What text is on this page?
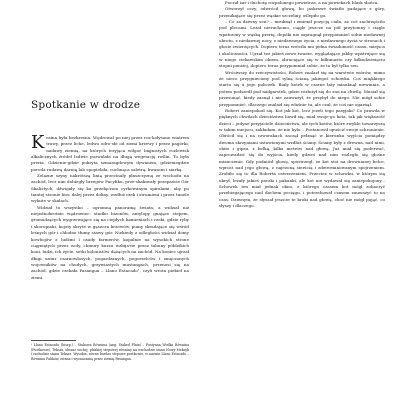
Spotkanie w drodze

Kraina była bezkresna. Wędrował po niej przez roz-kołysane wiatrem trawy, przez liche, ledwo odro-słe od ziemi krzewy i przez pagórki, nadawy ziemią, na których trzyjąca wilgoć bagnistych rozlewisk alkalicznych źródeł ledwie pozwalała na długą wegetację roślin. To była preria. Gdzienie-gdzie pokryta szmaragdowym dywanem, gdzieniegdzie poroda rudawą darnią lub spopielała, cuchnąca saletrą, kwasem i siarką.

Zelazne szyny nakrótszą linią przecinały płaszczyznę ze wschodu na zachód, lecz nim dobiegły brzegów Pacyfiku, prze-skakiwały przepaście Gór Skalistych, dźwigały się ku przełęczom cyrkowanym spiralami, aby po tamtej stronie biec dalej przez doliny, wzdłuż rzek i strumieni i przez tunele wykute w skałach.

Widział to wszystko – ogromną panoramę świata, a widział niż niejednokrotnie wędrowiec: stadko bizonów, antylopy gnające stepem, gromadzących wygrzewające się na ciepłych kamieniach i rzeki, gdzie ryby i skorupiaki, kojoty skryte w gąszczu krzewów, pumy skradające się wśród leśnych gór i chłodne tłumy stawy gór. Niekiedy z odległości widział domy kowbojów z ludźmi i osady farmerów, kopalnie na wysokich strone ciągniętych przez woły, chmury kurzu wzbija-ne przez tabuny półdzikich koni, ludzi, ich życie, setki kolonistów dążących na zachód. Na koniec ujrzał długi sznur czarnowłosych, pogardzanych, pogorzelców i zmęczonych wojowników na chudych, grzywiastych mustangach, przenosi się na zachód, gdzie czekała Pasangua – Llano Estacado¹, czyli wrota piekieł na ziemi.

¹ Llano Estacado (hiszp.) – Stakowa Równina (ang. Staked Plain) – Pustynna Wielka Równina (Pustkowie), Teksas, obszar suchej, płaskiej stepowej równiny na wschodzie stanu Nowy Meksyk i zachodzie stanu Teksas. Wysokie, równe bardzo stepowe pustkowie, w nazwie Llano Estacado – Równina Palików, zwana i wyznaczaną przez ziemię Pasangua.

Poczuł żar i duchotę rozpalonego powietrza, a na powiekach blask słońca.

Otworzył oczy, odwrócił głowę, bo jaskrawe światło padające z góry, przenikające się przez wąskie szczeliny, oślepiło go.

– Co za dziwny sen? – mruknął i zmienił pozycję ciała, aż coś zachrzęściło pod plecami. Leżał nieruchomo, ciągle jeszcze na pół przytomny i ciągle wpatrzony w wąską prerię, dopóki nie zapragnął przypomnieć sobie niedawnej obrotu, z niedawnej nocy, z niedawnego życia, z niedawnego życia w stronach i głosie zwierzęcych. Dopiero teraz wróciła mu pełna świadomość czasu, miejsca i okoliczności. Ujrzał też jakieś nowe twarze, wyglądające jakby wpatrujące się w niego ciekawskim okiem, obracające się w kilkunastu czy kilkudziesięciu stopni poniżej, dopiero teraz przypomniał sobie, że to był tylko sen.

Wróciwszy do rzeczywistości, Robert znalazł się na warstwie wiórów, mimo że nieco przygnieciony pod tylną ścianą jakiegoś schowka. Coś miękkiego starto się u jego policzek. Biały kotek w czarne łaty miauknął niewinnie, a potem podszedł pod nadgarstek, gdzie rozłożył się do snu na chwilę. Musiał się przesunąć, kiedy zasnął i nie zauważył, że przybył do niego. Nie mógł sobie przypomnieć, dlaczego znalazł się właśnie tu, ale czuł, że coś nie ogarnął.

Robert zaniepokoił się. Kot jak kot, lecz jeżeli tego pasyjaki? Co prawda w pięknych chwilach dzieciństwa bawił się, miał swoje-go kota, tak jak większość dzieci – jedyne przyjaciele dzieciństwa, ale tych kotów, które zwykle towarzyszą w takim miejscu, zakładam, że nie było... Postanowił opuścić swoje schronienie. Obrócił się i na czworakach zaczął pełznąć w kierunku wyjścia pomiędzy dwoma skrzyniami ustawionymi wzdłuż ściany. Ściany były z drewna, nad nimi, obite i gipsu, z belką, kilka metrów nad głową. Już miał się poderwać, zaprowadzić się do wyjścia, kiedy gdzieś nad nim rozległo się głośne miauczenie. Gdy podniósł głowę, spostrzegł, że kot stoi na drewnianej belce, wprost nad jego głową, z najeżoną sierścią i zdeterminowanym spojrzeniem. Zrobiło się to dla Roberta ostrzeżeniem. Przecież w schowku, w którym się ukrył, leżały jakieś paczki i pakunki, ale kot nie wydawał się zaniepokojony... Schowek ten miał jednak okno, z którego czasem kot mógł zobaczyć przebiegającego nad dachem pociągu, i potrzebował czasem zauważyć to na czas. Dziwnym, że słyszał jeszcze te kroki nad głową, choć nie mógł pojąć, co słyszy i dlaczego.
